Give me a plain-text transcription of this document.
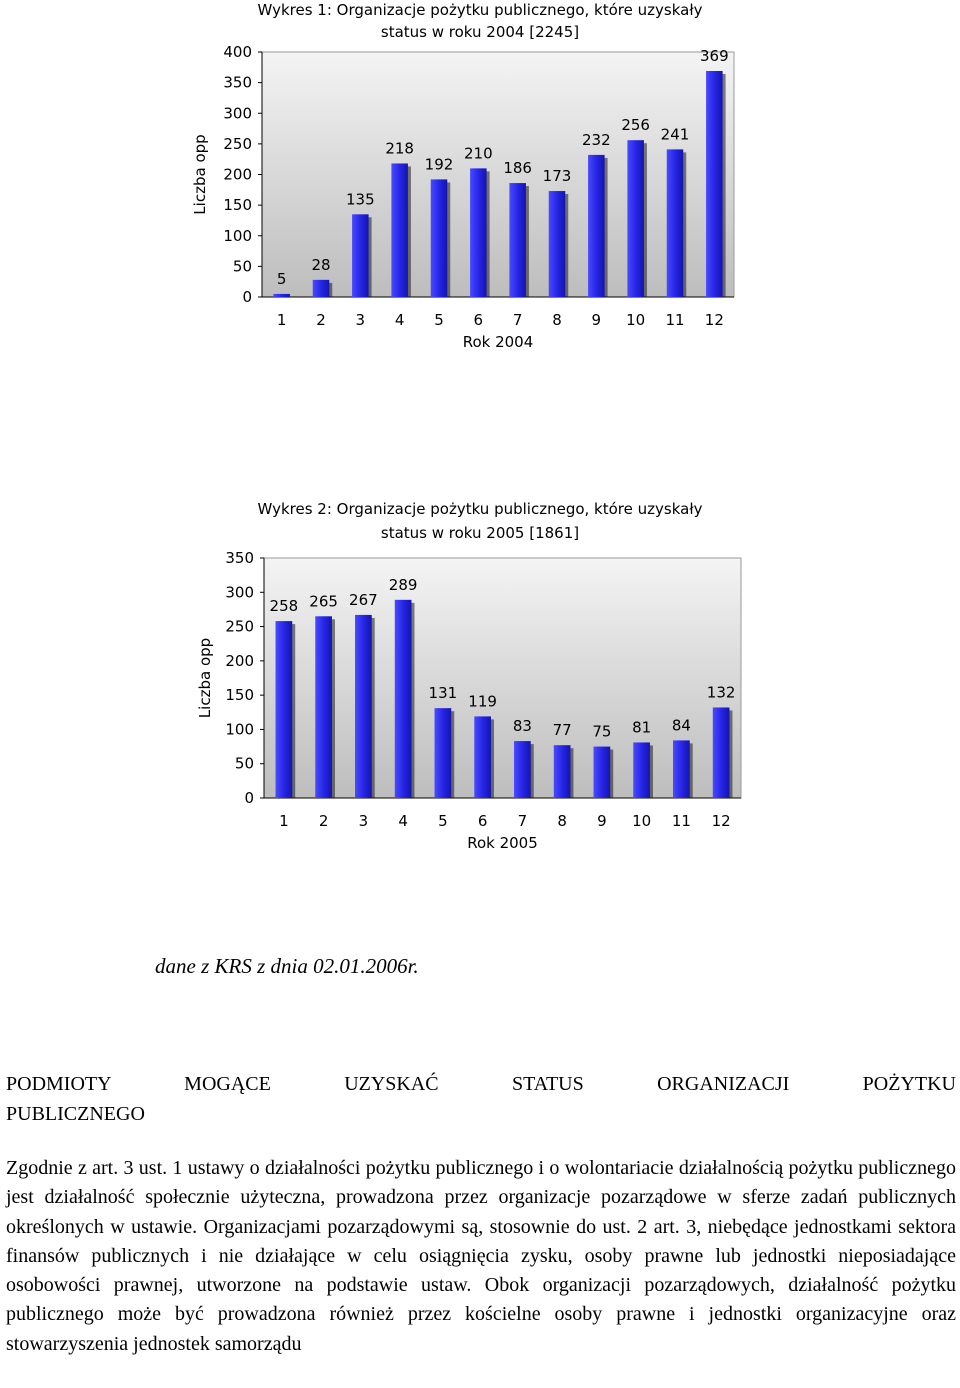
Wykres 1: Organizacje pożytku publicznego, które uzyskały
status w roku 2004 [2245]
0
50
100
150
200
250
300
350
400
5
1
28
2
135
3
218
4
192
5
210
6
186
7
173
8
232
9
256
10
241
11
369
12
Rok 2004
Liczba opp
Wykres 2: Organizacje pożytku publicznego, które uzyskały
status w roku 2005 [1861]
0
50
100
150
200
250
300
350
258
1
265
2
267
3
289
4
131
5
119
6
83
7
77
8
75
9
81
10
84
11
132
12
Rok 2005
Liczba opp
dane z KRS z dnia 02.01.2006r.
PODMIOTY MOGĄCE UZYSKAĆ STATUS ORGANIZACJI POŻYTKU
PUBLICZNEGO
Zgodnie z art. 3 ust. 1 ustawy o działalności pożytku publicznego i o wolontariacie działalnością pożytku publicznego jest działalność społecznie użyteczna, prowadzona przez organizacje pozarządowe w sferze zadań publicznych określonych w ustawie. Organizacjami pozarządowymi są, stosownie do ust. 2 art. 3, niebędące jednostkami sektora finansów publicznych i nie działające w celu osiągnięcia zysku, osoby prawne lub jednostki nieposiadające osobowości prawnej, utworzone na podstawie ustaw. Obok organizacji pozarządowych, działalność pożytku publicznego może być prowadzona również przez kościelne osoby prawne i jednostki organizacyjne oraz stowarzyszenia jednostek samorządu
